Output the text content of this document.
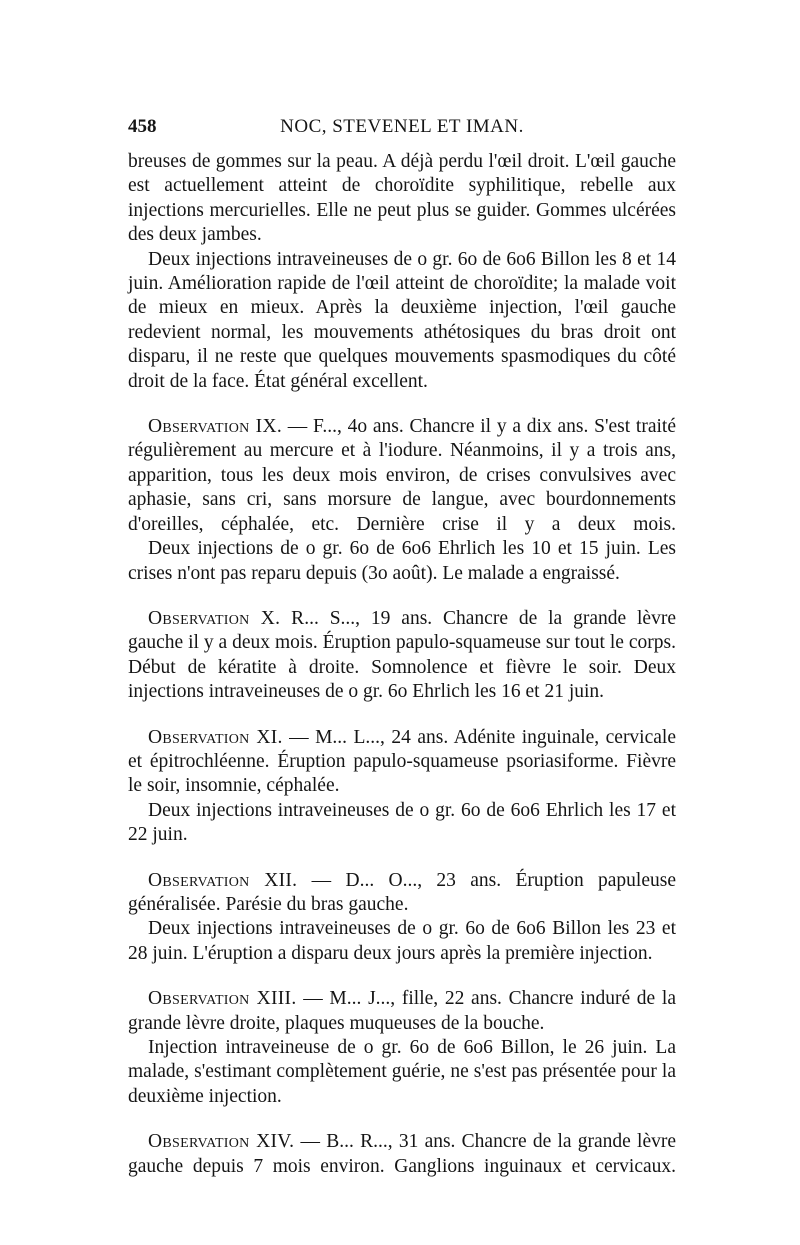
458	NOC, STEVENEL ET IMAN.

breuses de gommes sur la peau. A déjà perdu l'œil droit. L'œil gauche est actuellement atteint de choroïdite syphilitique, rebelle aux injections mercurielles. Elle ne peut plus se guider. Gommes ulcérées des deux jambes.

Deux injections intraveineuses de o gr. 6o de 6o6 Billon les 8 et 14 juin. Amélioration rapide de l'œil atteint de choroïdite; la malade voit de mieux en mieux. Après la deuxième injection, l'œil gauche redevient normal, les mouvements athétosiques du bras droit ont disparu, il ne reste que quelques mouvements spasmodiques du côté droit de la face. État général excellent.

Observation IX. — F..., 4o ans. Chancre il y a dix ans. S'est traité régulièrement au mercure et à l'iodure. Néanmoins, il y a trois ans, apparition, tous les deux mois environ, de crises convulsives avec aphasie, sans cri, sans morsure de langue, avec bourdonnements d'oreilles, céphalée, etc. Dernière crise il y a deux mois.

Deux injections de o gr. 6o de 6o6 Ehrlich les 10 et 15 juin. Les crises n'ont pas reparu depuis (3o août). Le malade a engraissé.

Observation X. R... S..., 19 ans. Chancre de la grande lèvre gauche il y a deux mois. Éruption papulo-squameuse sur tout le corps. Début de kératite à droite. Somnolence et fièvre le soir. Deux injections intraveineuses de o gr. 6o Ehrlich les 16 et 21 juin.

Observation XI. — M... L..., 24 ans. Adénite inguinale, cervicale et épitrochléenne. Éruption papulo-squameuse psoriasiforme. Fièvre le soir, insomnie, céphalée.

Deux injections intraveineuses de o gr. 6o de 6o6 Ehrlich les 17 et 22 juin.

Observation XII. — D... O..., 23 ans. Éruption papuleuse généralisée. Parésie du bras gauche.

Deux injections intraveineuses de o gr. 6o de 6o6 Billon les 23 et 28 juin. L'éruption a disparu deux jours après la première injection.

Observation XIII. — M... J..., fille, 22 ans. Chancre induré de la grande lèvre droite, plaques muqueuses de la bouche.

Injection intraveineuse de o gr. 6o de 6o6 Billon, le 26 juin. La malade, s'estimant complètement guérie, ne s'est pas présentée pour la deuxième injection.

Observation XIV. — B... R..., 31 ans. Chancre de la grande lèvre gauche depuis 7 mois environ. Ganglions inguinaux et cervicaux.
